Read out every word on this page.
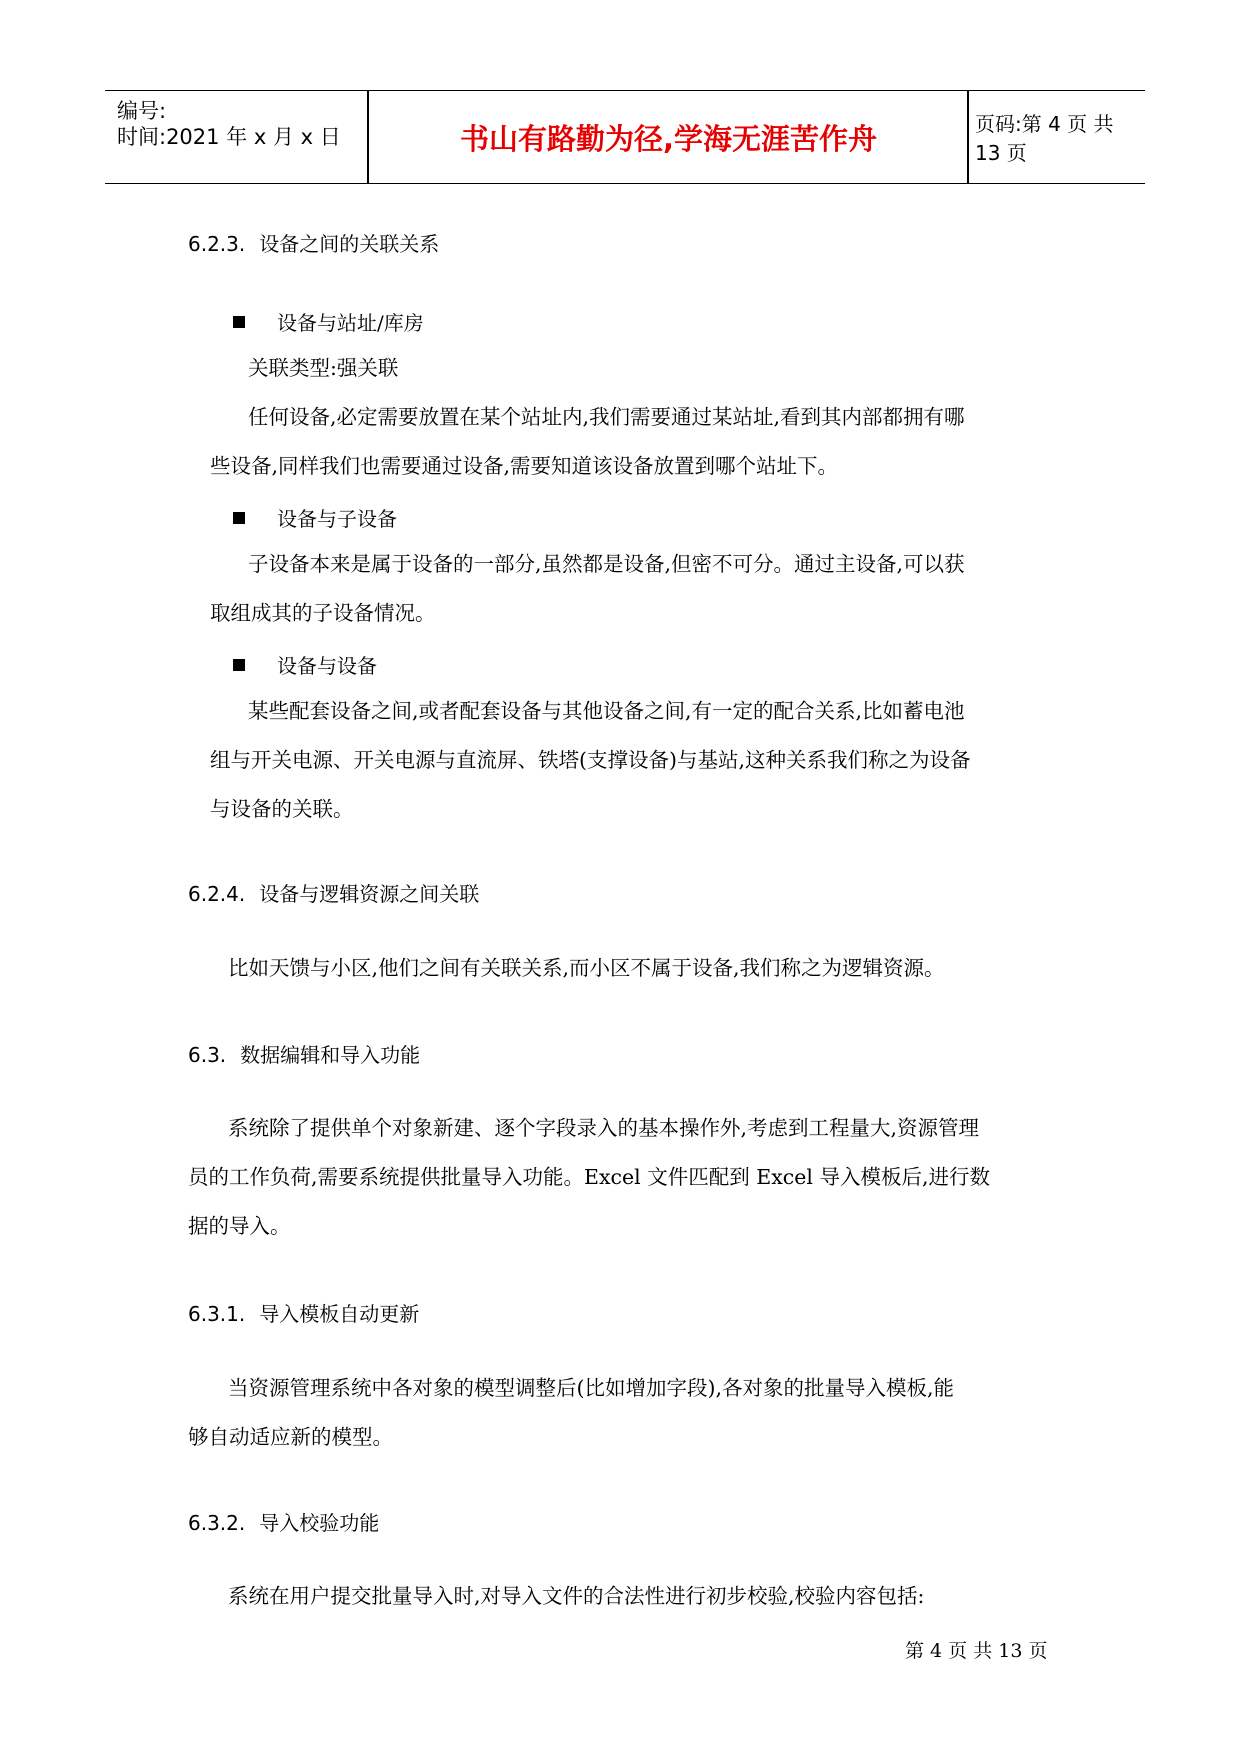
编号:
时间:2021 年 x 月 x 日	书山有路勤为径,学海无涯苦作舟	页码:第 4 页 共 13 页
6.2.3. 设备之间的关联关系
设备与站址/库房

关联类型:强关联

任何设备,必定需要放置在某个站址内,我们需要通过某站址,看到其内部都拥有哪

些设备,同样我们也需要通过设备,需要知道该设备放置到哪个站址下。

设备与子设备

子设备本来是属于设备的一部分,虽然都是设备,但密不可分。通过主设备,可以获

取组成其的子设备情况。

设备与设备

某些配套设备之间,或者配套设备与其他设备之间,有一定的配合关系,比如蓄电池

组与开关电源、开关电源与直流屏、铁塔(支撑设备)与基站,这种关系我们称之为设备

与设备的关联。

6.2.4. 设备与逻辑资源之间关联

比如天馈与小区,他们之间有关联关系,而小区不属于设备,我们称之为逻辑资源。

6.3. 数据编辑和导入功能

系统除了提供单个对象新建、逐个字段录入的基本操作外,考虑到工程量大,资源管理

员的工作负荷,需要系统提供批量导入功能。Excel 文件匹配到 Excel 导入模板后,进行数

据的导入。

6.3.1. 导入模板自动更新

当资源管理系统中各对象的模型调整后(比如增加字段),各对象的批量导入模板,能

够自动适应新的模型。

6.3.2. 导入校验功能

系统在用户提交批量导入时,对导入文件的合法性进行初步校验,校验内容包括:

第 4 页 共 13 页
